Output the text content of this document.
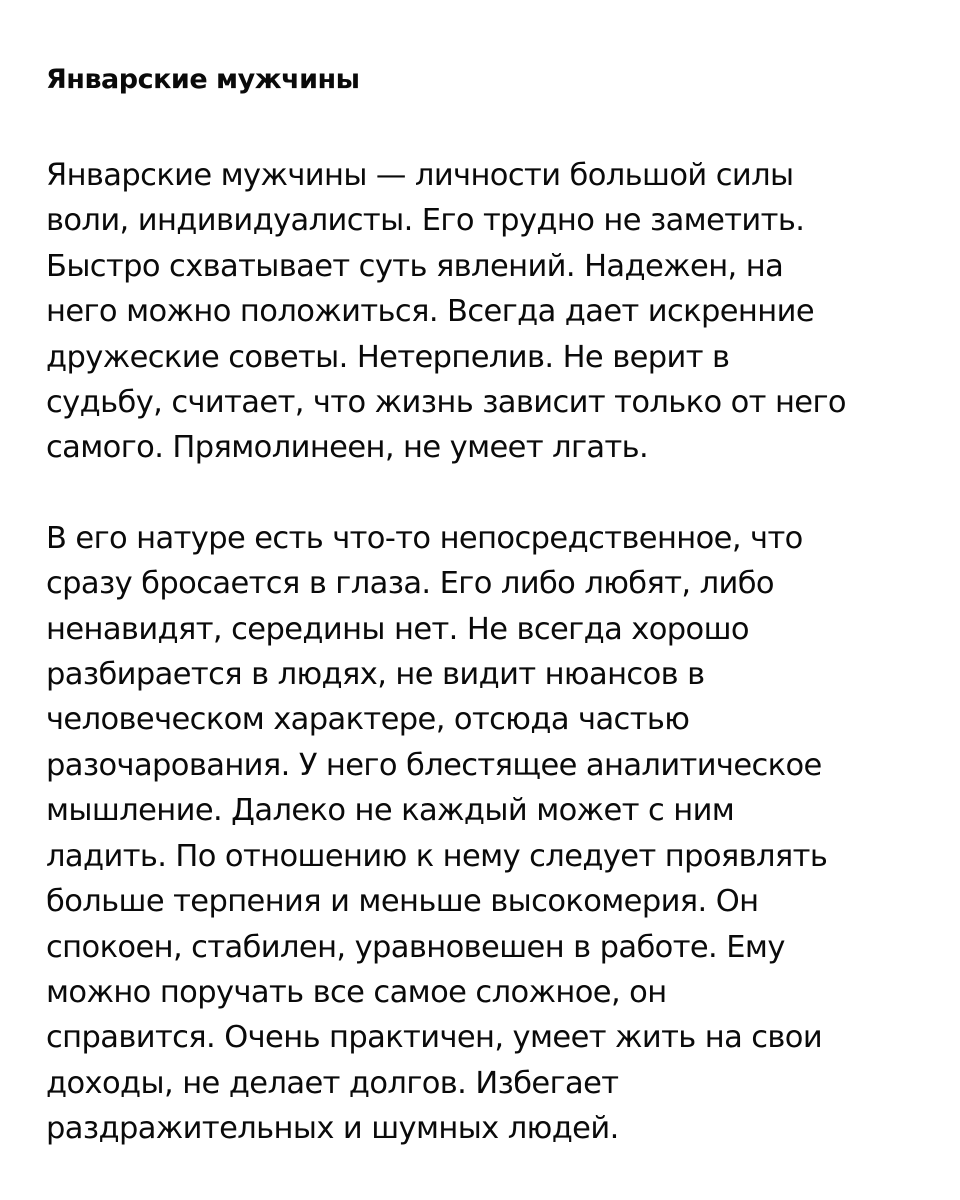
Январские мужчины

Январские мужчины — личности большой силы
воли, индивидуалисты. Его трудно не заметить.
Быстро схватывает суть явлений. Надежен, на
него можно положиться. Всегда дает искренние
дружеские советы. Нетерпелив. Не верит в
судьбу, считает, что жизнь зависит только от него
самого. Прямолинеен, не умеет лгать.

В его натуре есть что-то непосредственное, что
сразу бросается в глаза. Его либо любят, либо
ненавидят, середины нет. Не всегда хорошо
разбирается в людях, не видит нюансов в
человеческом характере, отсюда частью
разочарования. У него блестящее аналитическое
мышление. Далеко не каждый может с ним
ладить. По отношению к нему следует проявлять
больше терпения и меньше высокомерия. Он
спокоен, стабилен, уравновешен в работе. Ему
можно поручать все самое сложное, он
справится. Очень практичен, умеет жить на свои
доходы, не делает долгов. Избегает
раздражительных и шумных людей.
